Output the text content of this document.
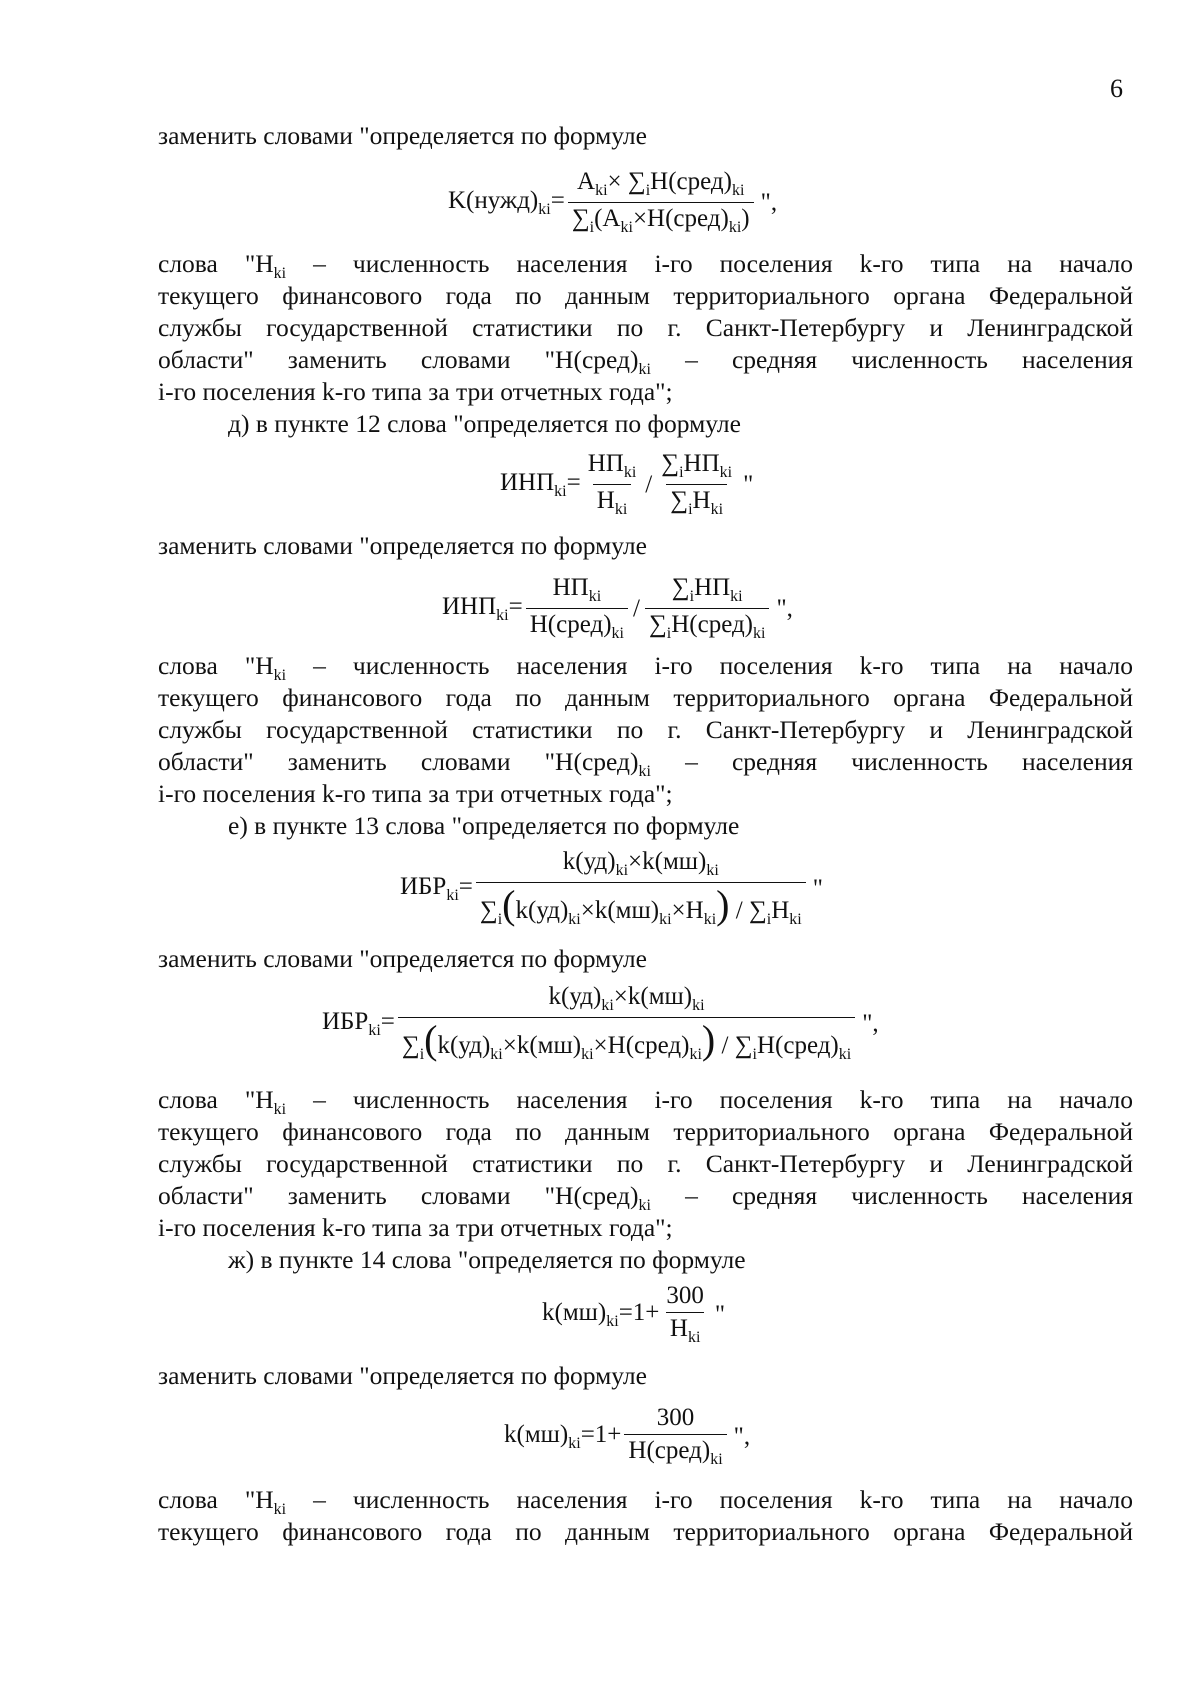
6
заменить словами "определяется по формуле
$K(нужд)_{ki}= \frac{A_{ki}\times \sum_iН(сред)_{ki}}{\sum_i(A_{ki}\times Н(сред)_{ki})}$ ",
слова "$Н_{ki}$ – численность населения i-го поселения k-го типа на начало
текущего финансового года по данным территориального органа Федеральной
службы государственной статистики по г. Санкт-Петербургу и Ленинградской
области" заменить словами "$Н(сред)_{ki}$ – средняя численность населения
i-го поселения k-го типа за три отчетных года";
д) в пункте 12 слова "определяется по формуле
$ИНП_{ki}= \frac{НП_{ki}}{Н_{ki}} / \frac{\sum_iНП_{ki}}{\sum_iН_{ki}}$ "
заменить словами "определяется по формуле
$ИНП_{ki}= \frac{НП_{ki}}{Н(сред)_{ki}} / \frac{\sum_iНП_{ki}}{\sum_iН(сред)_{ki}}$ ",
слова "$Н_{ki}$ – численность населения i-го поселения k-го типа на начало
текущего финансового года по данным территориального органа Федеральной
службы государственной статистики по г. Санкт-Петербургу и Ленинградской
области" заменить словами "$Н(сред)_{ki}$ – средняя численность населения
i-го поселения k-го типа за три отчетных года";
е) в пункте 13 слова "определяется по формуле
$ИБР_{ki}= \frac{k(уд)_{ki}\times k(мш)_{ki}}{\sum_i(k(уд)_{ki}\times k(мш)_{ki}\times Н_{ki}) / \sum_iН_{ki}}$ "
заменить словами "определяется по формуле
$ИБР_{ki}= \frac{k(уд)_{ki}\times k(мш)_{ki}}{\sum_i(k(уд)_{ki}\times k(мш)_{ki}\times Н(сред)_{ki}) / \sum_iН(сред)_{ki}}$ ",
слова "$Н_{ki}$ – численность населения i-го поселения k-го типа на начало
текущего финансового года по данным территориального органа Федеральной
службы государственной статистики по г. Санкт-Петербургу и Ленинградской
области" заменить словами "$Н(сред)_{ki}$ – средняя численность населения
i-го поселения k-го типа за три отчетных года";
ж) в пункте 14 слова "определяется по формуле
$k(мш)_{ki}=1+ \frac{300}{Н_{ki}}$ "
заменить словами "определяется по формуле
$k(мш)_{ki}=1+ \frac{300}{Н(сред)_{ki}}$ ",
слова "$Н_{ki}$ – численность населения i-го поселения k-го типа на начало
текущего финансового года по данным территориального органа Федеральной
